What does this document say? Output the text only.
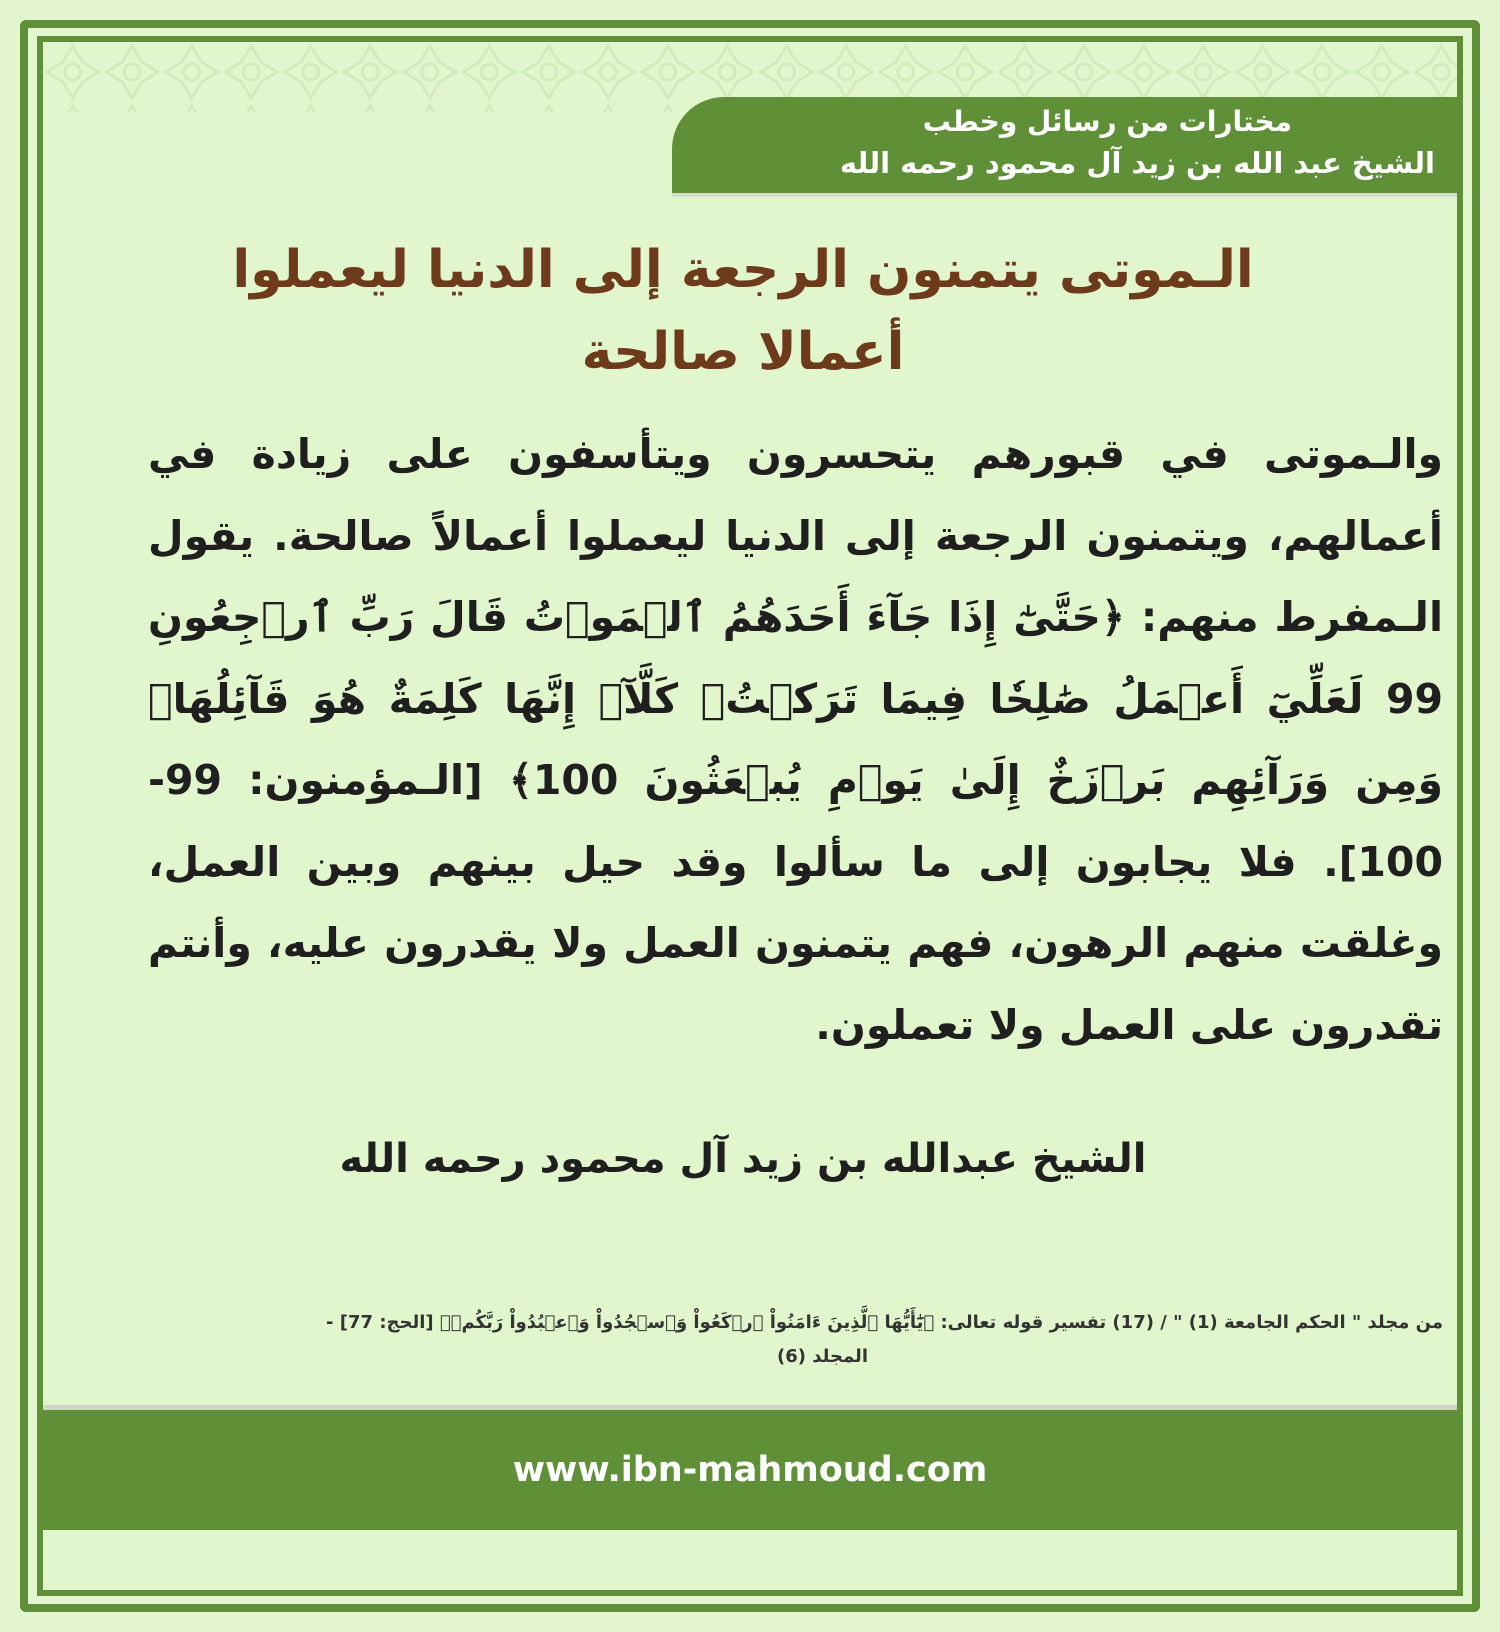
مختارات من رسائل وخطب
الشيخ عبد الله بن زيد آل محمود رحمه الله
الـموتى يتمنون الرجعة إلى الدنيا ليعملوا
أعمالا صالحة
والـموتى في قبورهم يتحسرون ويتأسفون على زيادة في أعمالهم، ويتمنون الرجعة إلى الدنيا ليعملوا أعمالاً صالحة. يقول الـمفرط منهم: ﴿حَتَّىٰٓ إِذَا جَآءَ أَحَدَهُمُ ٱلۡمَوۡتُ قَالَ رَبِّ ٱرۡجِعُونِ 99 لَعَلِّيٓ أَعۡمَلُ صَٰلِحٗا فِيمَا تَرَكۡتُۚ كَلَّآۚ إِنَّهَا كَلِمَةٌ هُوَ قَآئِلُهَاۖ وَمِن وَرَآئِهِم بَرۡزَخٌ إِلَىٰ يَوۡمِ يُبۡعَثُونَ 100﴾ [الـمؤمنون: 99-100]. فلا يجابون إلى ما سألوا وقد حيل بينهم وبين العمل، وغلقت منهم الرهون، فهم يتمنون العمل ولا يقدرون عليه، وأنتم تقدرون على العمل ولا تعملون.
الشيخ عبدالله بن زيد آل محمود رحمه الله
من مجلد " الحكم الجامعة (1) " / (17) تفسير قوله تعالى: ﴿يَٰٓأَيُّهَا ٱلَّذِينَ ءَامَنُواْ ٱرۡكَعُواْ وَٱسۡجُدُواْ وَٱعۡبُدُواْ رَبَّكُمۡ﴾ [الحج: 77] -
المجلد (6)
www.ibn-mahmoud.com
